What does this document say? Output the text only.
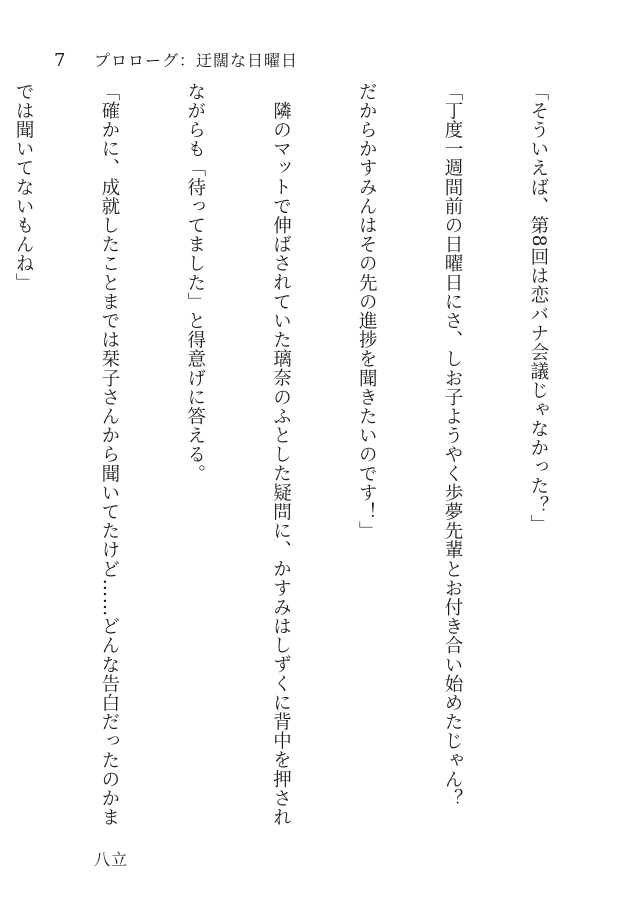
7	プロローグ：迂闊な日曜日

「そういえば、第8回は恋バナ会議じゃなかった？」

「丁度一週間前の日曜日にさ、しお子ようやく歩夢先輩とお付き合い始めたじゃん？

だからかすみんはその先の進捗を聞きたいのです！」

隣のマットで伸ばされていた璃奈のふとした疑問に、かすみはしずくに背中を押され

ながらも「待ってました」と得意げに答える。

「確かに、成就したことまでは栞子さんから聞いてたけど……どんな告白だったのかま

では聞いてないもんね」

八立
